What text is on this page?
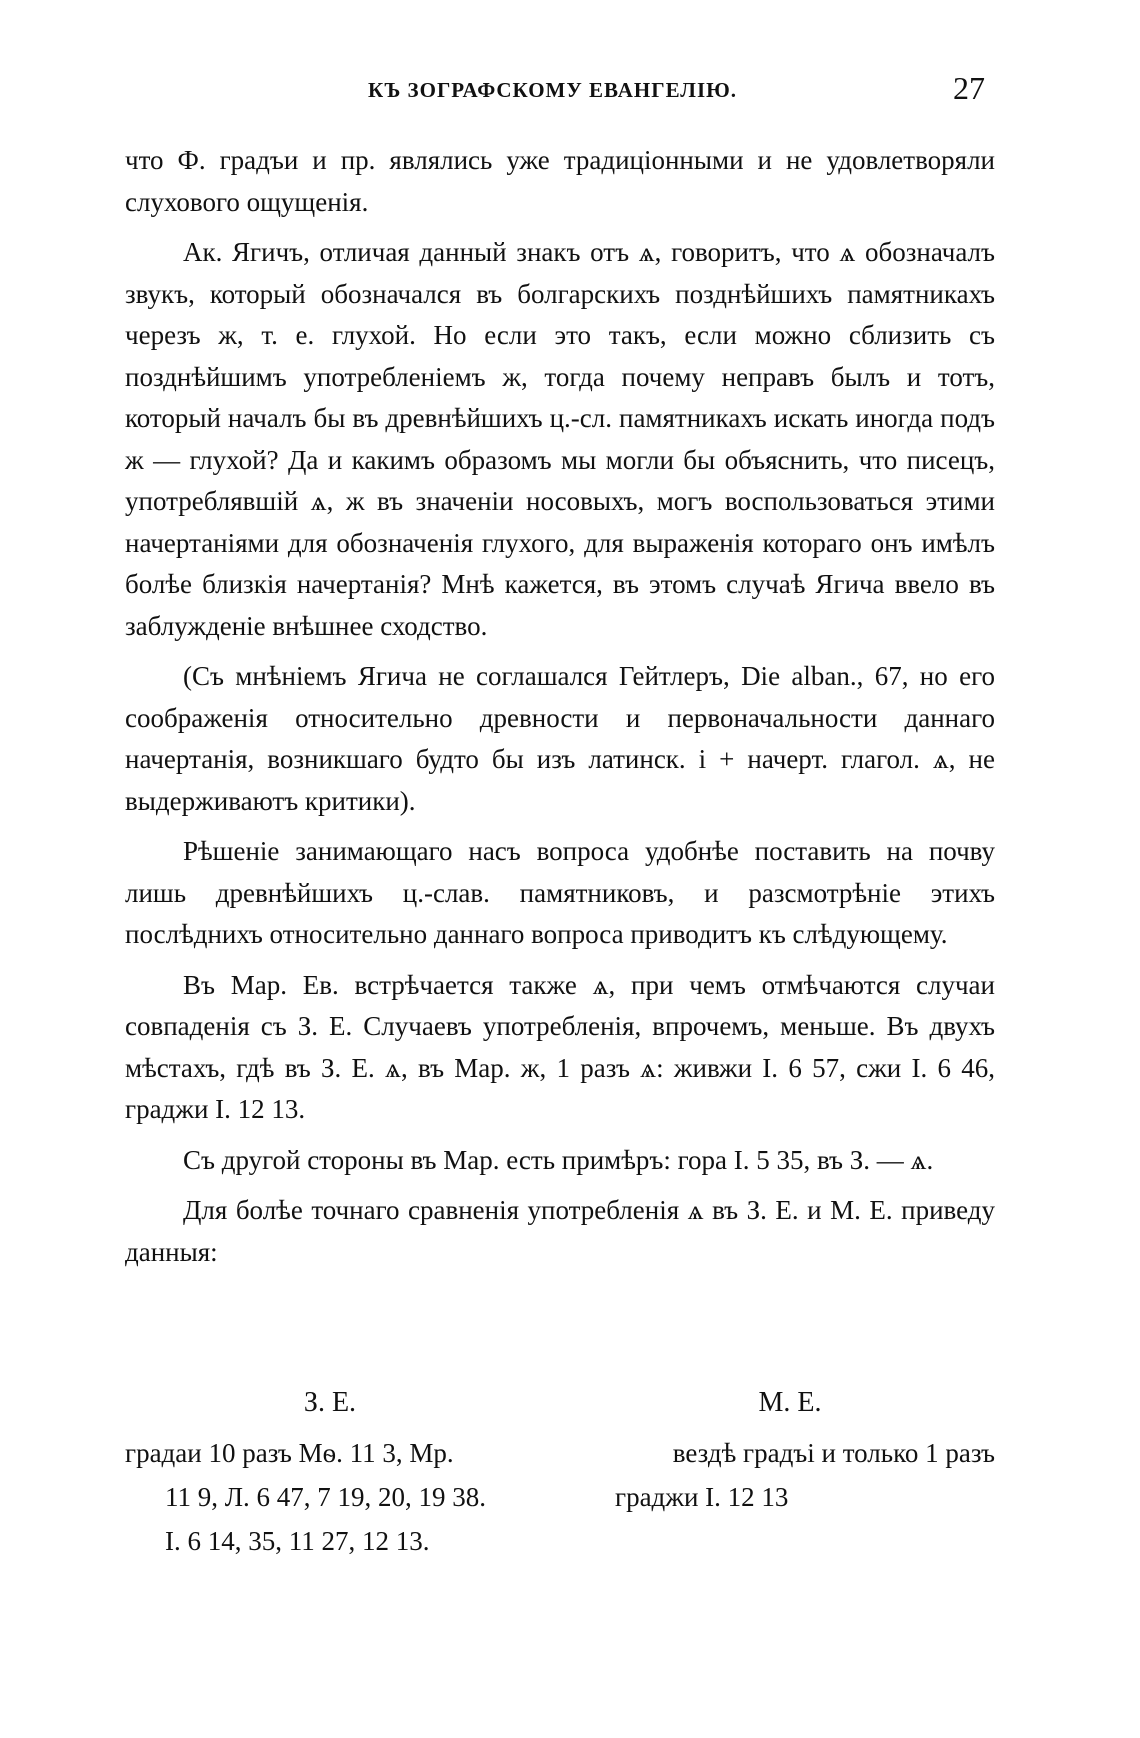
КЪ ЗОГРАФСКОМУ ЕВАНГЕЛІЮ.	27

что Ф. градъи и пр. являлись уже традиціонными и не удовлетворяли слухового ощущенія.

Ак. Ягичъ, отличая данный знакъ отъ ѧ, говоритъ, что ѧ обозначалъ звукъ, который обозначался въ болгарскихъ позднѣйшихъ памятникахъ черезъ ж, т. е. глухой. Но если это такъ, если можно сблизить съ позднѣйшимъ употребленіемъ ж, тогда почему неправъ былъ и тотъ, который началъ бы въ древнѣйшихъ ц.-сл. памятникахъ искать иногда подъ ж — глухой? Да и какимъ образомъ мы могли бы объяснить, что писецъ, употреблявшій ѧ, ж въ значеніи носовыхъ, могъ воспользоваться этими начертаніями для обозначенія глухого, для выраженія котораго онъ имѣлъ болѣе близкія начертанія? Мнѣ кажется, въ этомъ случаѣ Ягича ввело въ заблужденіе внѣшнее сходство.

(Съ мнѣніемъ Ягича не соглашался Гейтлеръ, Die alban., 67, но его соображенія относительно древности и первоначальности даннаго начертанія, возникшаго будто бы изъ латинск. і + начерт. глагол. ѧ, не выдерживаютъ критики).

Рѣшеніе занимающаго насъ вопроса удобнѣе поставить на почву лишь древнѣйшихъ ц.-слав. памятниковъ, и разсмотрѣніе этихъ послѣднихъ относительно даннаго вопроса приводитъ къ слѣдующему.

Въ Мар. Ев. встрѣчается также ѧ, при чемъ отмѣчаются случаи совпаденія съ З. Е. Случаевъ употребленія, впрочемъ, меньше. Въ двухъ мѣстахъ, гдѣ въ З. Е. ѧ, въ Мар. ж, 1 разъ ѧ: живжи І. 6 57, сжи І. 6 46, граджи І. 12 13.

Съ другой стороны въ Мар. есть примѣръ: гора І. 5 35, въ З. — ѧ.

Для болѣе точнаго сравненія употребленія ѧ въ З. Е. и М. Е. приведу данныя:

З. Е.	М. Е.
градаи 10 разъ Мѳ. 11 3, Мр.
11 9, Л. 6 47, 7 19, 20, 19 38.
І. 6 14, 35, 11 27, 12 13.
вездѣ градъі и только 1 разъ
граджи І. 12 13
